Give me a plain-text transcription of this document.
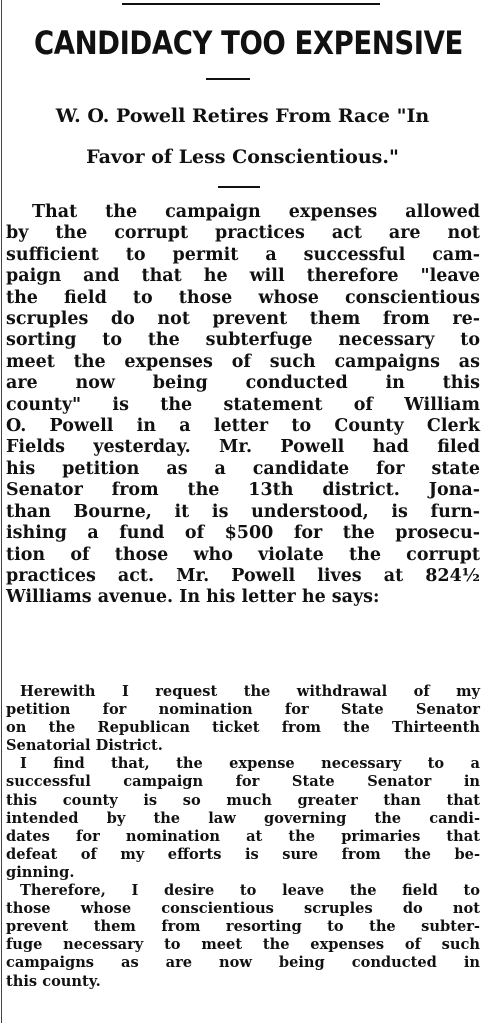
CANDIDACY TOO EXPENSIVE
W. O. Powell Retires From Race "In
Favor of Less Conscientious."
That the campaign expenses allowed
by the corrupt practices act are not
sufficient to permit a successful cam-
paign and that he will therefore "leave
the field to those whose conscientious
scruples do not prevent them from re-
sorting to the subterfuge necessary to
meet the expenses of such campaigns as
are now being conducted in this
county" is the statement of William
O. Powell in a letter to County Clerk
Fields yesterday. Mr. Powell had filed
his petition as a candidate for state
Senator from the 13th district. Jona-
than Bourne, it is understood, is furn-
ishing a fund of $500 for the prosecu-
tion of those who violate the corrupt
practices act. Mr. Powell lives at 824½
Williams avenue. In his letter he says:
Herewith I request the withdrawal of my
petition for nomination for State Senator
on the Republican ticket from the Thirteenth
Senatorial District.
I find that, the expense necessary to a
successful campaign for State Senator in
this county is so much greater than that
intended by the law governing the candi-
dates for nomination at the primaries that
defeat of my efforts is sure from the be-
ginning.
Therefore, I desire to leave the field to
those whose conscientious scruples do not
prevent them from resorting to the subter-
fuge necessary to meet the expenses of such
campaigns as are now being conducted in
this county.
